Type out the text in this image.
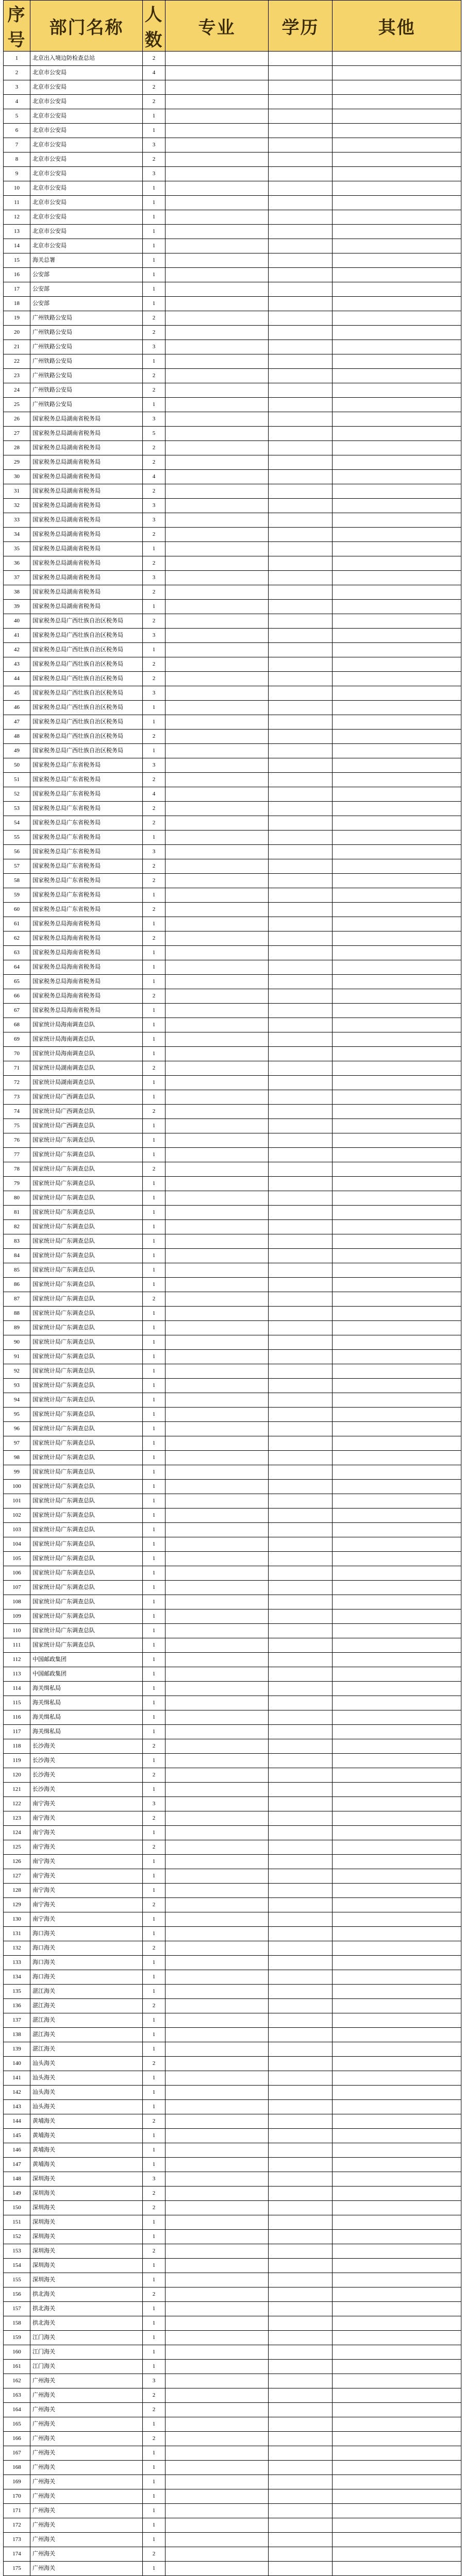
序号	部门名称	人数	专业	学历	其他
1	北京出入境边防检查总站	2			
2	北京市公安局	4			
3	北京市公安局	2			
4	北京市公安局	2			
5	北京市公安局	1			
6	北京市公安局	1			
7	北京市公安局	3			
8	北京市公安局	2			
9	北京市公安局	3			
10	北京市公安局	1			
11	北京市公安局	1			
12	北京市公安局	1			
13	北京市公安局	1			
14	北京市公安局	1			
15	海关总署	1			
16	公安部	1			
17	公安部	1			
18	公安部	1			
19	广州铁路公安局	2			
20	广州铁路公安局	2			
21	广州铁路公安局	3			
22	广州铁路公安局	1			
23	广州铁路公安局	2			
24	广州铁路公安局	2			
25	广州铁路公安局	1			
26	国家税务总局湖南省税务局	3			
27	国家税务总局湖南省税务局	5			
28	国家税务总局湖南省税务局	2			
29	国家税务总局湖南省税务局	2			
30	国家税务总局湖南省税务局	4			
31	国家税务总局湖南省税务局	2			
32	国家税务总局湖南省税务局	3			
33	国家税务总局湖南省税务局	3			
34	国家税务总局湖南省税务局	2			
35	国家税务总局湖南省税务局	1			
36	国家税务总局湖南省税务局	2			
37	国家税务总局湖南省税务局	3			
38	国家税务总局湖南省税务局	2			
39	国家税务总局湖南省税务局	1			
40	国家税务总局广西壮族自治区税务局	2			
41	国家税务总局广西壮族自治区税务局	3			
42	国家税务总局广西壮族自治区税务局	1			
43	国家税务总局广西壮族自治区税务局	2			
44	国家税务总局广西壮族自治区税务局	2			
45	国家税务总局广西壮族自治区税务局	3			
46	国家税务总局广西壮族自治区税务局	1			
47	国家税务总局广西壮族自治区税务局	1			
48	国家税务总局广西壮族自治区税务局	2			
49	国家税务总局广西壮族自治区税务局	1			
50	国家税务总局广东省税务局	3			
51	国家税务总局广东省税务局	2			
52	国家税务总局广东省税务局	4			
53	国家税务总局广东省税务局	2			
54	国家税务总局广东省税务局	2			
55	国家税务总局广东省税务局	1			
56	国家税务总局广东省税务局	3			
57	国家税务总局广东省税务局	2			
58	国家税务总局广东省税务局	2			
59	国家税务总局广东省税务局	1			
60	国家税务总局广东省税务局	2			
61	国家税务总局海南省税务局	1			
62	国家税务总局海南省税务局	2			
63	国家税务总局海南省税务局	1			
64	国家税务总局海南省税务局	1			
65	国家税务总局海南省税务局	1			
66	国家税务总局海南省税务局	2			
67	国家税务总局海南省税务局	1			
68	国家统计局海南调查总队	1			
69	国家统计局海南调查总队	1			
70	国家统计局海南调查总队	1			
71	国家统计局湖南调查总队	2			
72	国家统计局湖南调查总队	1			
73	国家统计局广西调查总队	1			
74	国家统计局广西调查总队	2			
75	国家统计局广西调查总队	1			
76	国家统计局广东调查总队	1			
77	国家统计局广东调查总队	1			
78	国家统计局广东调查总队	2			
79	国家统计局广东调查总队	1			
80	国家统计局广东调查总队	1			
81	国家统计局广东调查总队	1			
82	国家统计局广东调查总队	1			
83	国家统计局广东调查总队	1			
84	国家统计局广东调查总队	1			
85	国家统计局广东调查总队	1			
86	国家统计局广东调查总队	1			
87	国家统计局广东调查总队	2			
88	国家统计局广东调查总队	1			
89	国家统计局广东调查总队	1			
90	国家统计局广东调查总队	1			
91	国家统计局广东调查总队	1			
92	国家统计局广东调查总队	1			
93	国家统计局广东调查总队	1			
94	国家统计局广东调查总队	1			
95	国家统计局广东调查总队	1			
96	国家统计局广东调查总队	1			
97	国家统计局广东调查总队	1			
98	国家统计局广东调查总队	1			
99	国家统计局广东调查总队	1			
100	国家统计局广东调查总队	1			
101	国家统计局广东调查总队	1			
102	国家统计局广东调查总队	1			
103	国家统计局广东调查总队	1			
104	国家统计局广东调查总队	1			
105	国家统计局广东调查总队	1			
106	国家统计局广东调查总队	1			
107	国家统计局广东调查总队	1			
108	国家统计局广东调查总队	1			
109	国家统计局广东调查总队	1			
110	国家统计局广东调查总队	1			
111	国家统计局广东调查总队	1			
112	中国邮政集团	1			
113	中国邮政集团	1			
114	海关缉私局	1			
115	海关缉私局	1			
116	海关缉私局	1			
117	海关缉私局	1			
118	长沙海关	2			
119	长沙海关	1			
120	长沙海关	2			
121	长沙海关	1			
122	南宁海关	3			
123	南宁海关	2			
124	南宁海关	1			
125	南宁海关	2			
126	南宁海关	1			
127	南宁海关	1			
128	南宁海关	1			
129	南宁海关	2			
130	南宁海关	1			
131	海口海关	1			
132	海口海关	2			
133	海口海关	1			
134	海口海关	1			
135	湛江海关	1			
136	湛江海关	2			
137	湛江海关	1			
138	湛江海关	1			
139	湛江海关	1			
140	汕头海关	2			
141	汕头海关	1			
142	汕头海关	1			
143	汕头海关	1			
144	黄埔海关	2			
145	黄埔海关	1			
146	黄埔海关	1			
147	黄埔海关	1			
148	深圳海关	3			
149	深圳海关	2			
150	深圳海关	2			
151	深圳海关	1			
152	深圳海关	1			
153	深圳海关	2			
154	深圳海关	1			
155	深圳海关	1			
156	拱北海关	2			
157	拱北海关	1			
158	拱北海关	1			
159	江门海关	1			
160	江门海关	1			
161	江门海关	1			
162	广州海关	3			
163	广州海关	2			
164	广州海关	2			
165	广州海关	1			
166	广州海关	2			
167	广州海关	1			
168	广州海关	1			
169	广州海关	1			
170	广州海关	1			
171	广州海关	1			
172	广州海关	1			
173	广州海关	1			
174	广州海关	2			
175	广州海关	1			
